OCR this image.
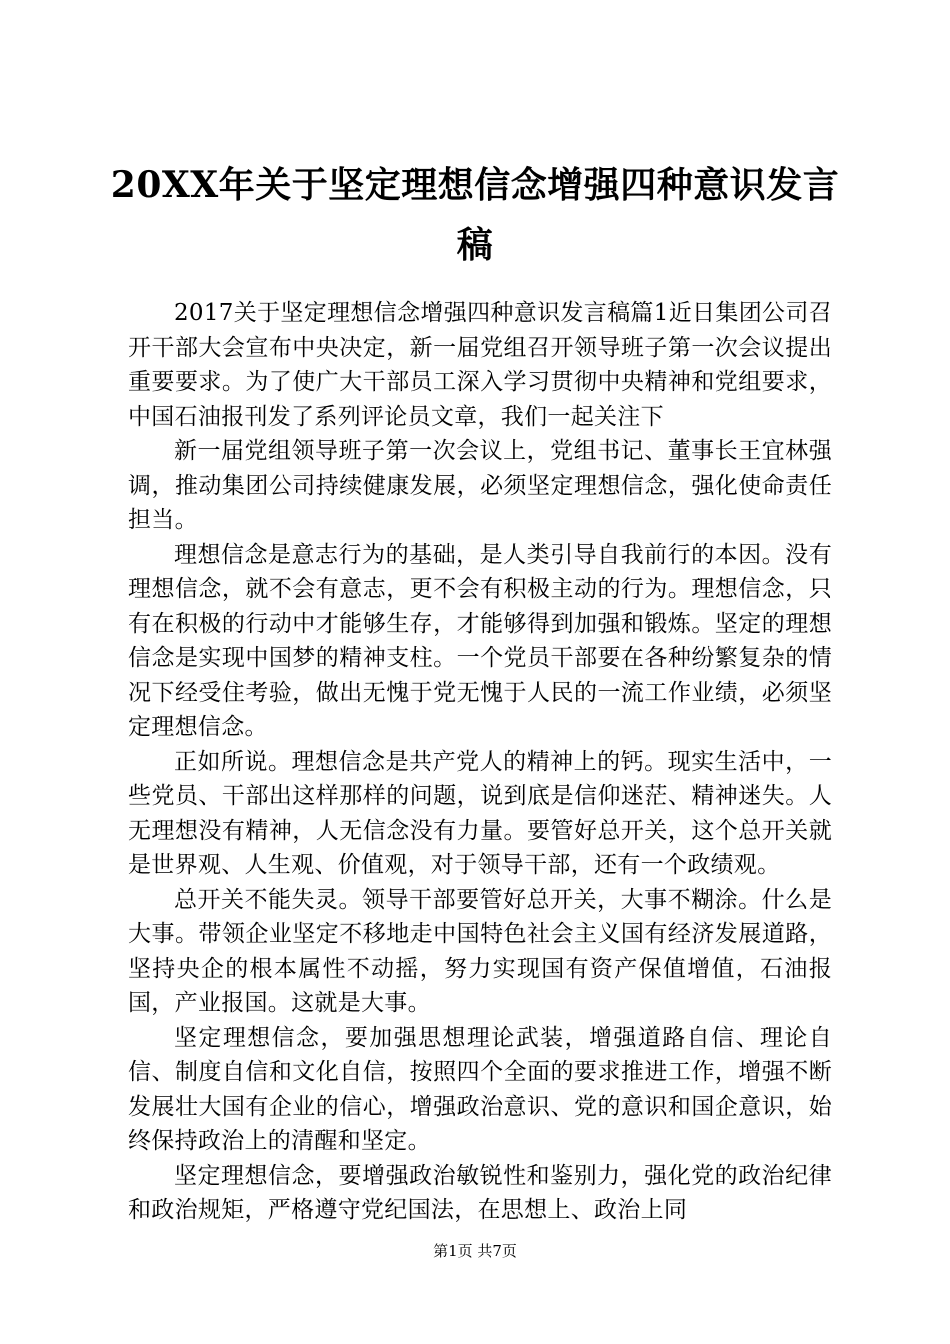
20XX年关于坚定理想信念增强四种意识发言稿

2017关于坚定理想信念增强四种意识发言稿篇1近日集团公司召开干部大会宣布中央决定，新一届党组召开领导班子第一次会议提出重要要求。为了使广大干部员工深入学习贯彻中央精神和党组要求，中国石油报刊发了系列评论员文章，我们一起关注下

新一届党组领导班子第一次会议上，党组书记、董事长王宜林强调，推动集团公司持续健康发展，必须坚定理想信念，强化使命责任担当。

理想信念是意志行为的基础，是人类引导自我前行的本因。没有理想信念，就不会有意志，更不会有积极主动的行为。理想信念，只有在积极的行动中才能够生存，才能够得到加强和锻炼。坚定的理想信念是实现中国梦的精神支柱。一个党员干部要在各种纷繁复杂的情况下经受住考验，做出无愧于党无愧于人民的一流工作业绩，必须坚定理想信念。

正如所说。理想信念是共产党人的精神上的钙。现实生活中，一些党员、干部出这样那样的问题，说到底是信仰迷茫、精神迷失。人无理想没有精神，人无信念没有力量。要管好总开关，这个总开关就是世界观、人生观、价值观，对于领导干部，还有一个政绩观。

总开关不能失灵。领导干部要管好总开关，大事不糊涂。什么是大事。带领企业坚定不移地走中国特色社会主义国有经济发展道路，坚持央企的根本属性不动摇，努力实现国有资产保值增值，石油报国，产业报国。这就是大事。

坚定理想信念，要加强思想理论武装，增强道路自信、理论自信、制度自信和文化自信，按照四个全面的要求推进工作，增强不断发展壮大国有企业的信心，增强政治意识、党的意识和国企意识，始终保持政治上的清醒和坚定。

坚定理想信念，要增强政治敏锐性和鉴别力，强化党的政治纪律和政治规矩，严格遵守党纪国法，在思想上、政治上同

第1页 共7页
